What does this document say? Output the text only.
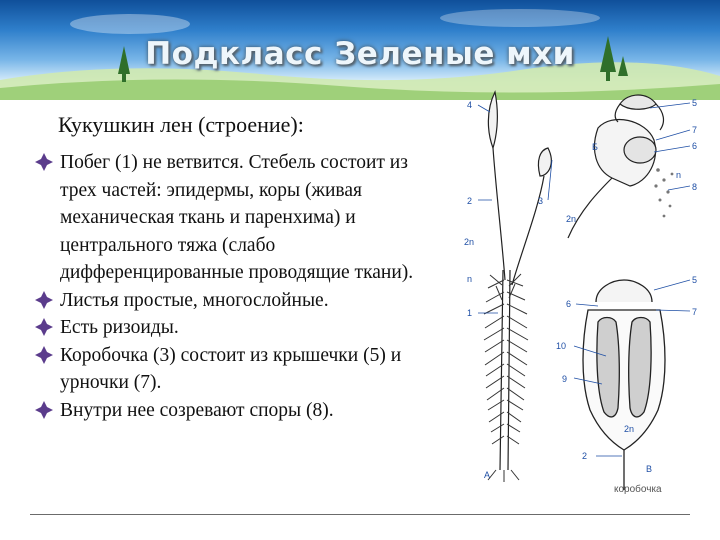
Подкласс Зеленые мхи
Кукушкин лен (строение):
Побег (1) не ветвится. Стебель состоит из трех частей: эпидермы, коры (живая механическая ткань и паренхима) и центрального тяжа (слабо дифференцированные проводящие ткани).
Листья простые, многослойные.
Есть ризоиды.
Коробочка (3) состоит из крышечки (5) и урночки (7).
Внутри нее созревают споры (8).
4
2
2n
n
1
А
3
2n
5
Б
7
6
n
8
5
6
7
10
9
2
2n
В
коробочка
